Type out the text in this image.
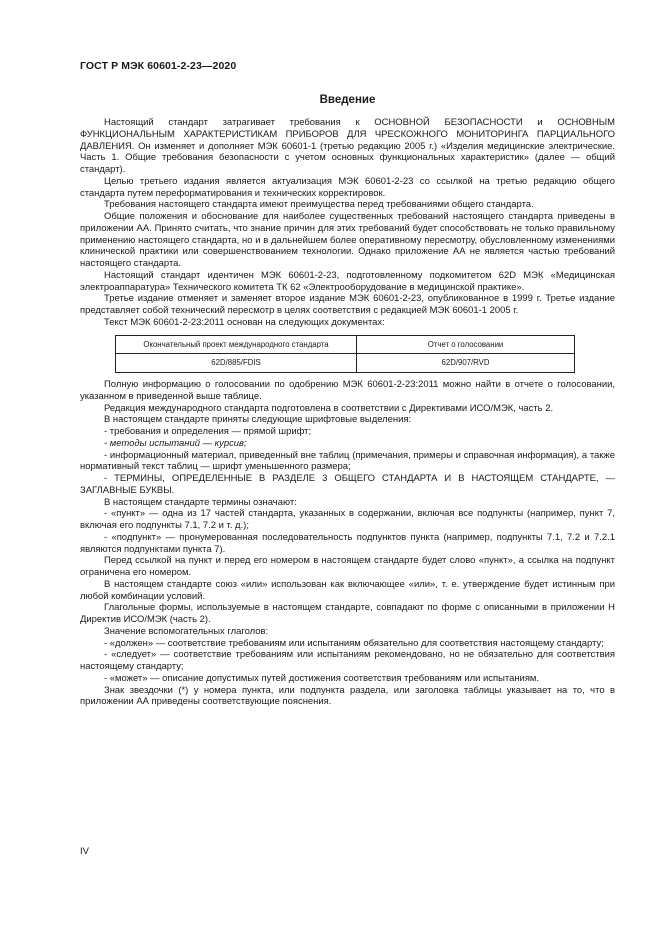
ГОСТ Р МЭК 60601-2-23—2020
Введение

Настоящий стандарт затрагивает требования к ОСНОВНОЙ БЕЗОПАСНОСТИ и ОСНОВНЫМ ФУНКЦИОНАЛЬНЫМ ХАРАКТЕРИСТИКАМ ПРИБОРОВ ДЛЯ ЧРЕСКОЖНОГО МОНИТОРИНГА ПАРЦИАЛЬНОГО ДАВЛЕНИЯ. Он изменяет и дополняет МЭК 60601-1 (третью редакцию 2005 г.) «Изделия медицинские электрические. Часть 1. Общие требования безопасности с учетом основных функциональных характеристик» (далее — общий стандарт).

Целью третьего издания является актуализация МЭК 60601-2-23 со ссылкой на третью редакцию общего стандарта путем переформатирования и технических корректировок.

Требования настоящего стандарта имеют преимущества перед требованиями общего стандарта.

Общие положения и обоснование для наиболее существенных требований настоящего стандарта приведены в приложении АА. Принято считать, что знание причин для этих требований будет способствовать не только правильному применению настоящего стандарта, но и в дальнейшем более оперативному пересмотру, обусловленному изменениями клинической практики или совершенствованием технологии. Однако приложение АА не является частью требований настоящего стандарта.

Настоящий стандарт идентичен МЭК 60601-2-23, подготовленному подкомитетом 62D МЭК «Медицинская электроаппаратура» Технического комитета ТК 62 «Электрооборудование в медицинской практике».

Третье издание отменяет и заменяет второе издание МЭК 60601-2-23, опубликованное в 1999 г. Третье издание представляет собой технический пересмотр в целях соответствия с редакцией МЭК 60601-1 2005 г.

Текст МЭК 60601-2-23:2011 основан на следующих документах:

Окончательный проект международного стандарта	Отчет о голосовании
62D/885/FDIS	62D/907/RVD

Полную информацию о голосовании по одобрению МЭК 60601-2-23:2011 можно найти в отчете о голосовании, указанном в приведенной выше таблице.

Редакция международного стандарта подготовлена в соответствии с Директивами ИСО/МЭК, часть 2.

В настоящем стандарте приняты следующие шрифтовые выделения:

- требования и определения — прямой шрифт;

- методы испытаний — курсив;

- информационный материал, приведенный вне таблиц (примечания, примеры и справочная информация), а также нормативный текст таблиц — шрифт уменьшенного размера;

- ТЕРМИНЫ, ОПРЕДЕЛЕННЫЕ В РАЗДЕЛЕ 3 ОБЩЕГО СТАНДАРТА И В НАСТОЯЩЕМ СТАНДАРТЕ, — ЗАГЛАВНЫЕ БУКВЫ.

В настоящем стандарте термины означают:

- «пункт» — одна из 17 частей стандарта, указанных в содержании, включая все подпункты (например, пункт 7, включая его подпункты 7.1, 7.2 и т. д.);

- «подпункт» — пронумерованная последовательность подпунктов пункта (например, подпункты 7.1, 7.2 и 7.2.1 являются подпунктами пункта 7).

Перед ссылкой на пункт и перед его номером в настоящем стандарте будет слово «пункт», а ссылка на подпункт ограничена его номером.

В настоящем стандарте союз «или» использован как включающее «или», т. е. утверждение будет истинным при любой комбинации условий.

Глагольные формы, используемые в настоящем стандарте, совпадают по форме с описанными в приложении Н Директив ИСО/МЭК (часть 2).

Значение вспомогательных глаголов:

- «должен» — соответствие требованиям или испытаниям обязательно для соответствия настоящему стандарту;

- «следует» — соответствие требованиям или испытаниям рекомендовано, но не обязательно для соответствия настоящему стандарту;

- «может» — описание допустимых путей достижения соответствия требованиям или испытаниям.

Знак звездочки (*) у номера пункта, или подпункта раздела, или заголовка таблицы указывает на то, что в приложении АА приведены соответствующие пояснения.

IV
